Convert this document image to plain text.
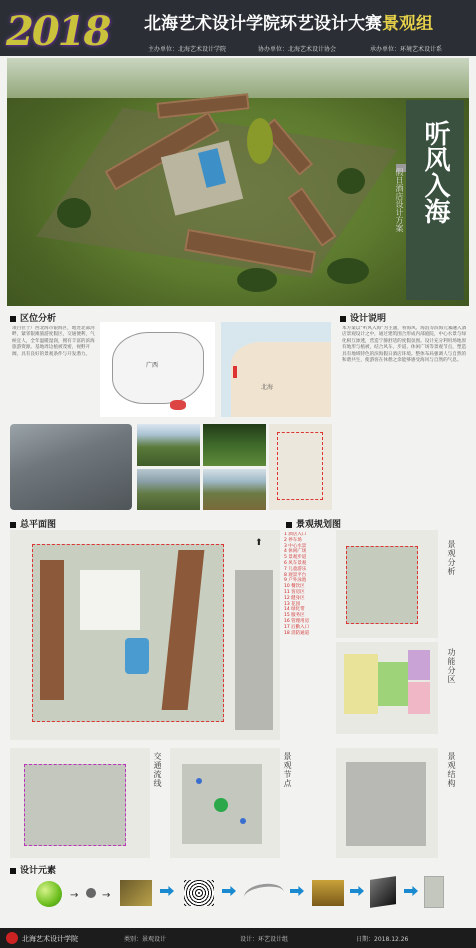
2018 北海艺术设计学院环艺设计大赛景观组
主办单位：北海艺术设计学院	协办单位：北海艺术设计协会	承办单位：环境艺术设计系
听风入海
假日酒店设计方案
区位分析
项目位于广西北海市银海区，地处北部湾畔，紧邻银滩旅游度假区，交通便利，气候宜人，全年温暖湿润，拥有丰富的滨海旅游资源。基地周边植被茂密，视野开阔，具有良好的景观条件与开发潜力。
广西
北海
设计说明
本方案以“听风入海”为主题，将海风、海浪等滨海元素融入酒店景观设计之中，通过建筑围合形成内部庭院，中心水景与绿化相互渗透，营造宁静舒适的度假氛围。设计充分利用场地原有地形与植被，结合风车、步道、休闲广场等景观节点，塑造具有地域特色的滨海假日酒店环境。整体布局强调人与自然的和谐共生，使游客在休憩之余能够感受海风与自然的气息。
总平面图
⬆
1 酒店入口
2 停车场
3 中心水景
4 休闲广场
5 景观步道
6 风车景观
7 儿童游乐
8 观景平台
9 户外泳池
10 餐饮区
11 客房区
12 健身区
13 花园
14 绿化带
15 服务区
16 管理用房
17 后勤入口
18 消防通道
景观规划图
景观分析
功能分区
交通流线	景观节点	景观结构
设计元素
→ →
北海艺术设计学院	类别：景观设计	设计：环艺设计组	日期：2018.12.26
